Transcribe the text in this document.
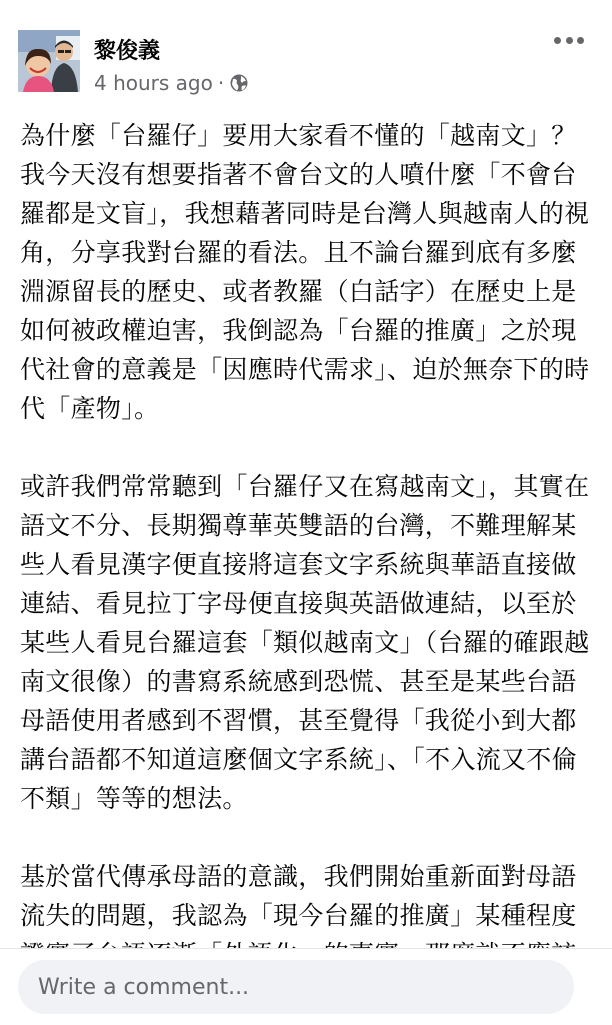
黎俊義
4 hours ago ·

為什麼「台羅仔」要用大家看不懂的「越南文」？我今天沒有想要指著不會台文的人噴什麼「不會台羅都是文盲」，我想藉著同時是台灣人與越南人的視角，分享我對台羅的看法。且不論台羅到底有多麼淵源留長的歷史、或者教羅（白話字）在歷史上是如何被政權迫害，我倒認為「台羅的推廣」之於現代社會的意義是「因應時代需求」、迫於無奈下的時代「產物」。

或許我們常常聽到「台羅仔又在寫越南文」，其實在語文不分、長期獨尊華英雙語的台灣，不難理解某些人看見漢字便直接將這套文字系統與華語直接做連結、看見拉丁字母便直接與英語做連結，以至於某些人看見台羅這套「類似越南文」（台羅的確跟越南文很像）的書寫系統感到恐慌、甚至是某些台語母語使用者感到不習慣，甚至覺得「我從小到大都講台語都不知道這麼個文字系統」、「不入流又不倫不類」等等的想法。

基於當代傳承母語的意識，我們開始重新面對母語流失的問題，我認為「現今台羅的推廣」某種程度

Write a comment...
